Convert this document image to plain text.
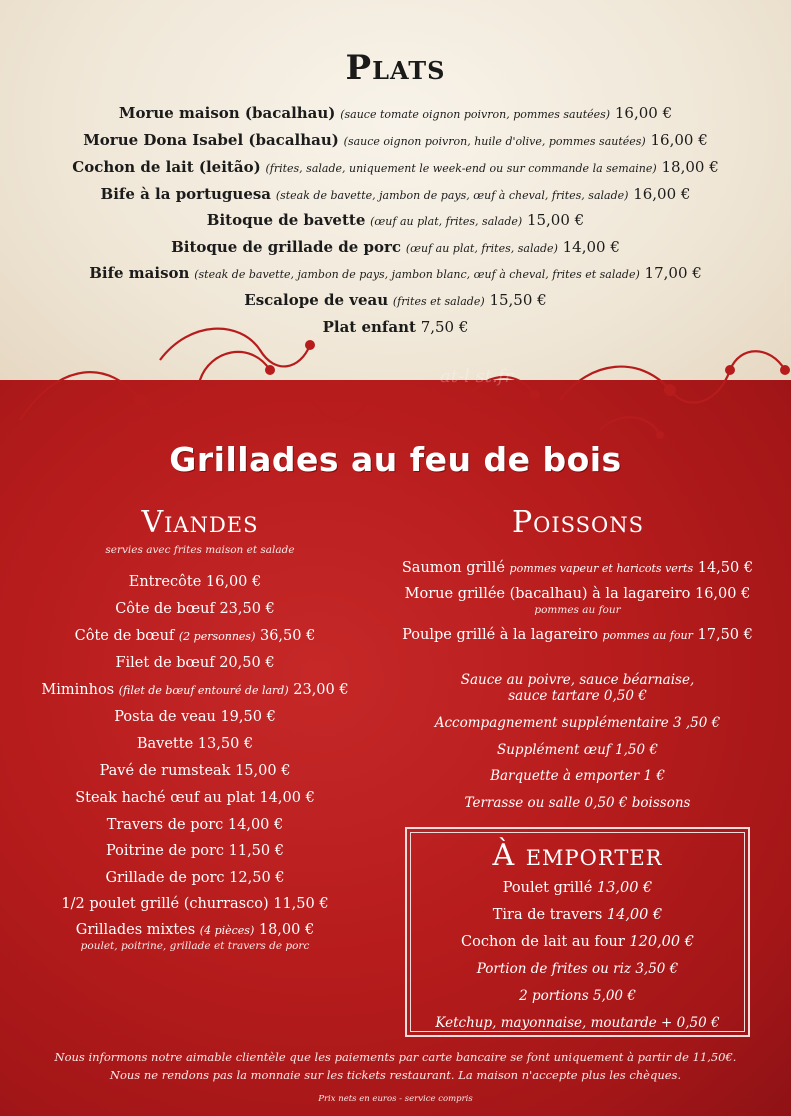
at-l st.fr
Plats
Morue maison (bacalhau) (sauce tomate oignon poivron, pommes sautées) 16,00 €
Morue Dona Isabel (bacalhau) (sauce oignon poivron, huile d'olive, pommes sautées) 16,00 €
Cochon de lait (leitão) (frites, salade, uniquement le week-end ou sur commande la semaine) 18,00 €
Bife à la portuguesa (steak de bavette, jambon de pays, œuf à cheval, frites, salade) 16,00 €
Bitoque de bavette (œuf au plat, frites, salade) 15,00 €
Bitoque de grillade de porc (œuf au plat, frites, salade) 14,00 €
Bife maison (steak de bavette, jambon de pays, jambon blanc, œuf à cheval, frites et salade) 17,00 €
Escalope de veau (frites et salade) 15,50 €
Plat enfant 7,50 €
Grillades au feu de bois
Viandes
servies avec frites maison et salade
Entrecôte 16,00 €
Côte de bœuf 23,50 €
Côte de bœuf (2 personnes) 36,50 €
Filet de bœuf 20,50 €
Miminhos (filet de bœuf entouré de lard) 23,00 €
Posta de veau 19,50 €
Bavette 13,50 €
Pavé de rumsteak 15,00 €
Steak haché œuf au plat 14,00 €
Travers de porc 14,00 €
Poitrine de porc 11,50 €
Grillade de porc 12,50 €
1/2 poulet grillé (churrasco) 11,50 €
Grillades mixtes (4 pièces) 18,00 €
poulet, poitrine, grillade et travers de porc
Poissons
Saumon grillé pommes vapeur et haricots verts 14,50 €
Morue grillée (bacalhau) à la lagareiro 16,00 €
pommes au four
Poulpe grillé à la lagareiro pommes au four 17,50 €
Sauce au poivre, sauce béarnaise,
sauce tartare 0,50 €
Accompagnement supplémentaire 3 ,50 €
Supplément œuf 1,50 €
Barquette à emporter 1 €
Terrasse ou salle 0,50 € boissons
À emporter
Poulet grillé 13,00 €
Tira de travers 14,00 €
Cochon de lait au four 120,00 €
Portion de frites ou riz 3,50 €
2 portions 5,00 €
Ketchup, mayonnaise, moutarde + 0,50 €
Nous informons notre aimable clientèle que les paiements par carte bancaire se font uniquement à partir de 11,50€.
Nous ne rendons pas la monnaie sur les tickets restaurant. La maison n'accepte plus les chèques.
Prix nets en euros - service compris
